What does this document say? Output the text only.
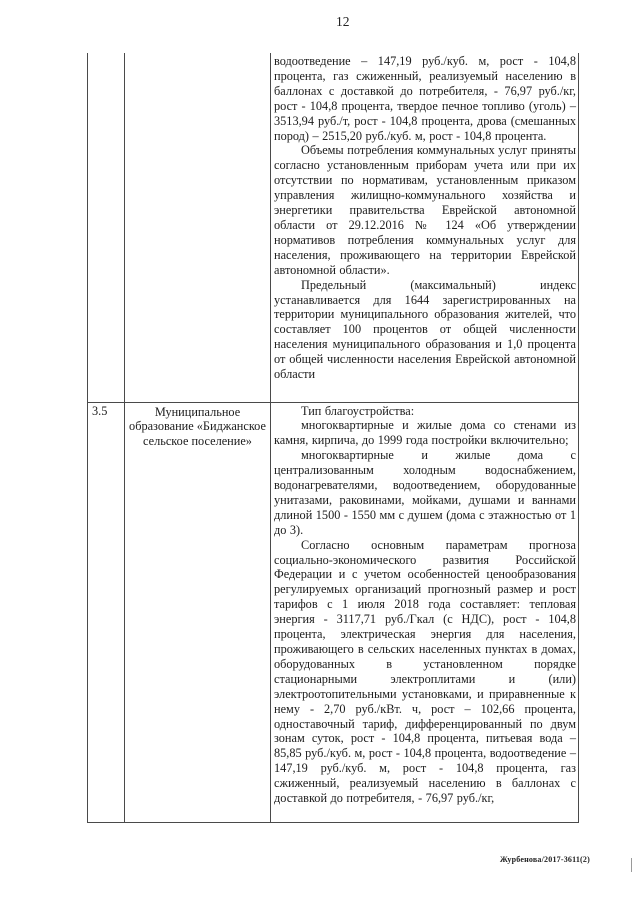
12

		водоотведение – 147,19 руб./куб. м, рост - 104,8 процента, газ сжиженный, реализуемый населению в баллонах с доставкой до потребителя, - 76,97 руб./кг, рост - 104,8 процента, твердое печное топливо (уголь) – 3513,94 руб./т, рост - 104,8 процента, дрова (смешанных пород) – 2515,20 руб./куб. м, рост - 104,8 процента.

Объемы потребления коммунальных услуг приняты согласно установленным приборам учета или при их отсутствии по нормативам, установленным приказом управления жилищно-коммунального хозяйства и энергетики правительства Еврейской автономной области от 29.12.2016 № 124 «Об утверждении нормативов потребления коммунальных услуг для населения, проживающего на территории Еврейской автономной области».

Предельный (максимальный) индекс устанавливается для 1644 зарегистрированных на территории муниципального образования жителей, что составляет 100 процентов от общей численности населения муниципального образования и 1,0 процента от общей численности населения Еврейской автономной области

3.5	Муниципальное образование «Биджанское сельское поселение»	Тип благоустройства:

многоквартирные и жилые дома со стенами из камня, кирпича, до 1999 года постройки включительно;

многоквартирные и жилые дома с централизованным холодным водоснабжением, водонагревателями, водоотведением, оборудованные унитазами, раковинами, мойками, душами и ваннами длиной 1500 - 1550 мм с душем (дома с этажностью от 1 до 3).

Согласно основным параметрам прогноза социально-экономического развития Российской Федерации и с учетом особенностей ценообразования регулируемых организаций прогнозный размер и рост тарифов с 1 июля 2018 года составляет: тепловая энергия - 3117,71 руб./Гкал (с НДС), рост - 104,8 процента, электрическая энергия для населения, проживающего в сельских населенных пунктах в домах, оборудованных в установленном порядке стационарными электроплитами и (или) электроотопительными установками, и приравненные к нему - 2,70 руб./кВт. ч, рост – 102,66 процента, одноставочный тариф, дифференцированный по двум зонам суток, рост - 104,8 процента, питьевая вода – 85,85 руб./куб. м, рост - 104,8 процента, водоотведение – 147,19 руб./куб. м, рост - 104,8 процента, газ сжиженный, реализуемый населению в баллонах с доставкой до потребителя, - 76,97 руб./кг,

Журбенова/2017-3611(2)
